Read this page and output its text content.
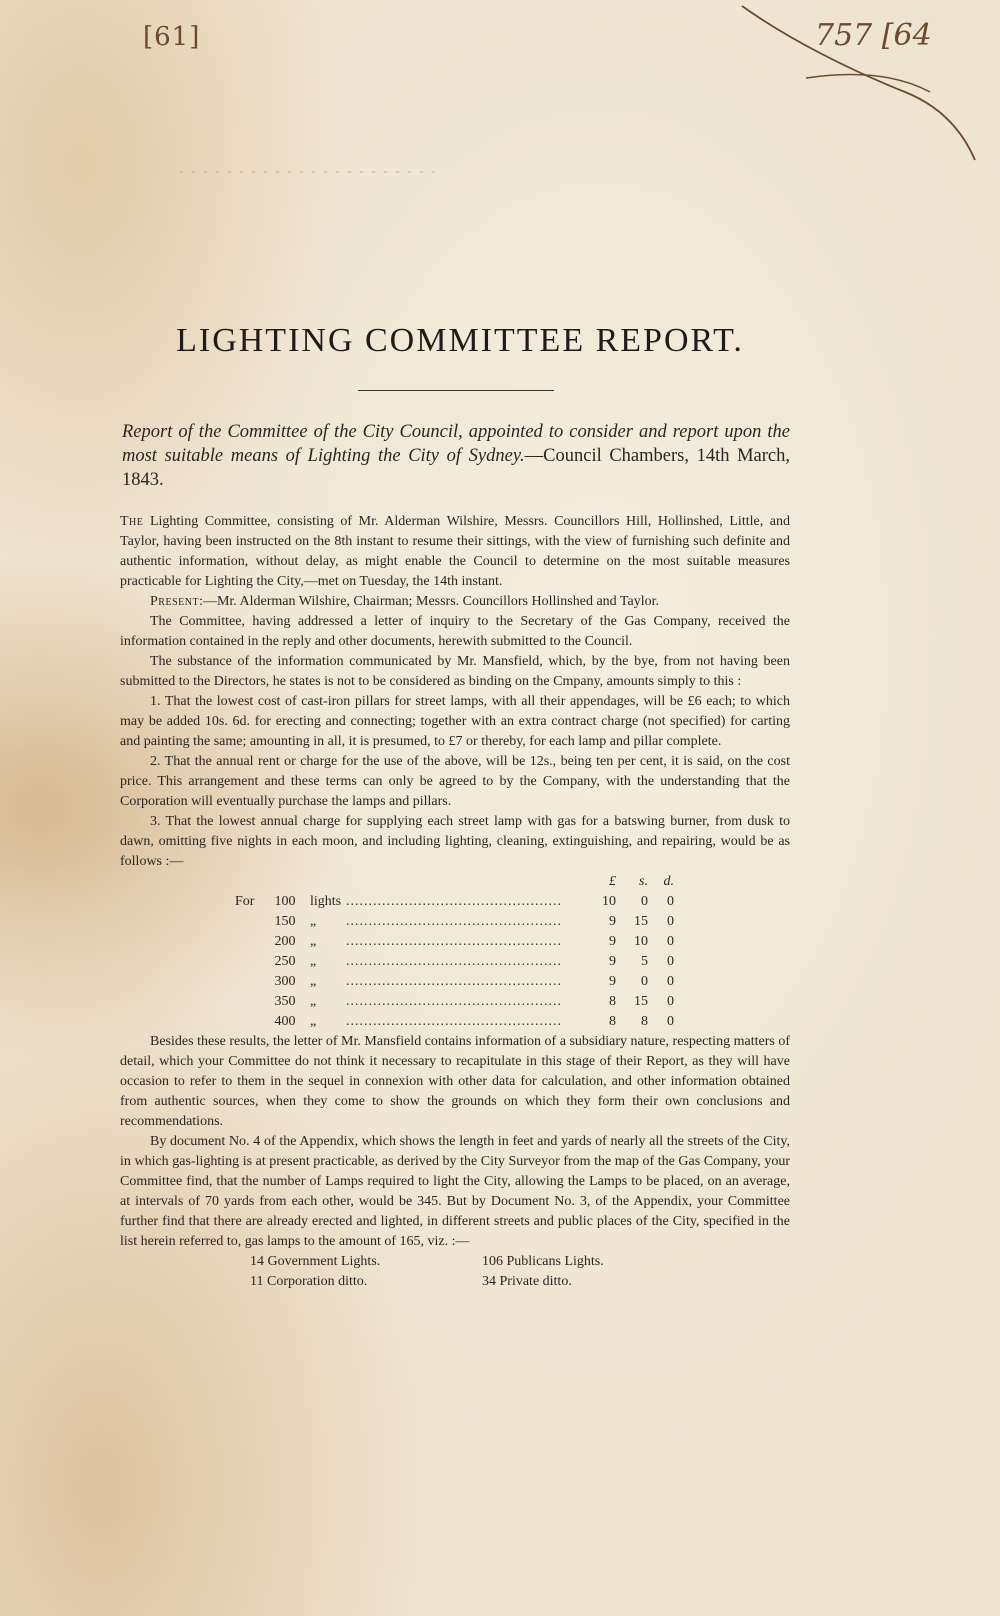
[61]	757 [64
LIGHTING COMMITTEE REPORT.
Report of the Committee of the City Council, appointed to consider and report upon the most suitable means of Lighting the City of Sydney.—Council Chambers, 14th March, 1843.

The Lighting Committee, consisting of Mr. Alderman Wilshire, Messrs. Councillors Hill, Hollinshed, Little, and Taylor, having been instructed on the 8th instant to resume their sittings, with the view of furnishing such definite and authentic information, without delay, as might enable the Council to determine on the most suitable measures practicable for Lighting the City,—met on Tuesday, the 14th instant.

Present:—Mr. Alderman Wilshire, Chairman; Messrs. Councillors Hollinshed and Taylor.

The Committee, having addressed a letter of inquiry to the Secretary of the Gas Company, received the information contained in the reply and other documents, herewith submitted to the Council.

The substance of the information communicated by Mr. Mansfield, which, by the bye, from not having been submitted to the Directors, he states is not to be considered as binding on the Cmpany, amounts simply to this :

1. That the lowest cost of cast-iron pillars for street lamps, with all their appendages, will be £6 each; to which may be added 10s. 6d. for erecting and connecting; together with an extra contract charge (not specified) for carting and painting the same; amounting in all, it is presumed, to £7 or thereby, for each lamp and pillar complete.

2. That the annual rent or charge for the use of the above, will be 12s., being ten per cent, it is said, on the cost price. This arrangement and these terms can only be agreed to by the Company, with the understanding that the Corporation will eventually purchase the lamps and pillars.

3. That the lowest annual charge for supplying each street lamp with gas for a batswing burner, from dusk to dawn, omitting five nights in each moon, and including lighting, cleaning, extinguishing, and repairing, would be as follows :—

£	s.	d.
For	100	lights ................................................	10	0	0
150	„	................................................	9	15	0
200	„	................................................	9	10	0
250	„	................................................	9	5	0
300	„	................................................	9	0	0
350	„	................................................	8	15	0
400	„	................................................	8	8	0

Besides these results, the letter of Mr. Mansfield contains information of a subsidiary nature, respecting matters of detail, which your Committee do not think it necessary to recapitulate in this stage of their Report, as they will have occasion to refer to them in the sequel in connexion with other data for calculation, and other information obtained from authentic sources, when they come to show the grounds on which they form their own conclusions and recommendations.

By document No. 4 of the Appendix, which shows the length in feet and yards of nearly all the streets of the City, in which gas-lighting is at present practicable, as derived by the City Surveyor from the map of the Gas Company, your Committee find, that the number of Lamps required to light the City, allowing the Lamps to be placed, on an average, at intervals of 70 yards from each other, would be 345. But by Document No. 3, of the Appendix, your Committee further find that there are already erected and lighted, in different streets and public places of the City, specified in the list herein referred to, gas lamps to the amount of 165, viz. :—

14 Government Lights.	106 Publicans Lights.
11 Corporation ditto.	34 Private ditto.
